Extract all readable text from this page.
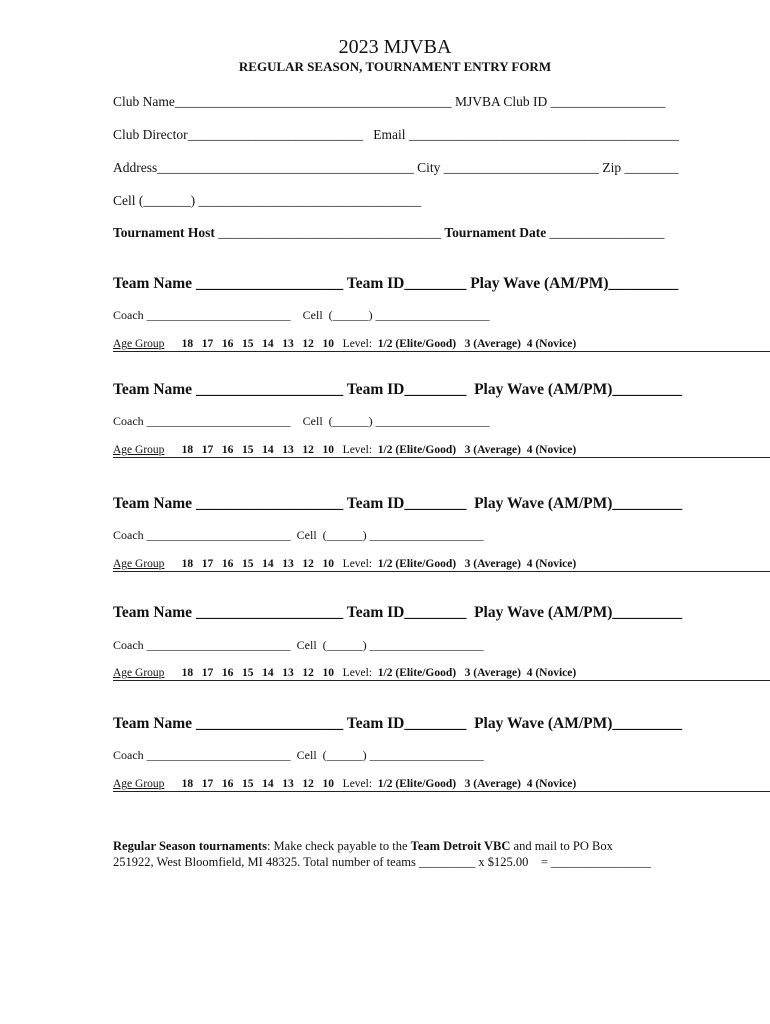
2023 MJVBA
REGULAR SEASON, TOURNAMENT ENTRY FORM
Club Name_________________________________________ MJVBA Club ID _________________
Club Director__________________________   Email ________________________________________
Address______________________________________ City _______________________ Zip ________
Cell (_______) _________________________________
Tournament Host _________________________________ Tournament Date _________________
Team Name ___________________ Team ID________ Play Wave (AM/PM)_________
Coach ________________________    Cell  (______) ___________________
Age Group 18   17   16   15   14   13   12   10 Level: 1/2 (Elite/Good)   3 (Average)  4 (Novice)
Team Name ___________________ Team ID________  Play Wave (AM/PM)_________
Coach ________________________    Cell  (______) ___________________
Age Group 18   17   16   15   14   13   12   10 Level: 1/2 (Elite/Good)   3 (Average)  4 (Novice)
Team Name ___________________ Team ID________  Play Wave (AM/PM)_________
Coach ________________________  Cell  (______) ___________________
Age Group 18   17   16   15   14   13   12   10 Level: 1/2 (Elite/Good)   3 (Average)  4 (Novice)
Team Name ___________________ Team ID________  Play Wave (AM/PM)_________
Coach ________________________  Cell  (______) ___________________
Age Group 18   17   16   15   14   13   12   10 Level: 1/2 (Elite/Good)   3 (Average)  4 (Novice)
Team Name ___________________ Team ID________  Play Wave (AM/PM)_________
Coach ________________________  Cell  (______) ___________________
Age Group 18   17   16   15   14   13   12   10 Level: 1/2 (Elite/Good)   3 (Average)  4 (Novice)
Regular Season tournaments: Make check payable to the Team Detroit VBC and mail to PO Box
251922, West Bloomfield, MI 48325. Total number of teams _________ x $125.00    = ________________
